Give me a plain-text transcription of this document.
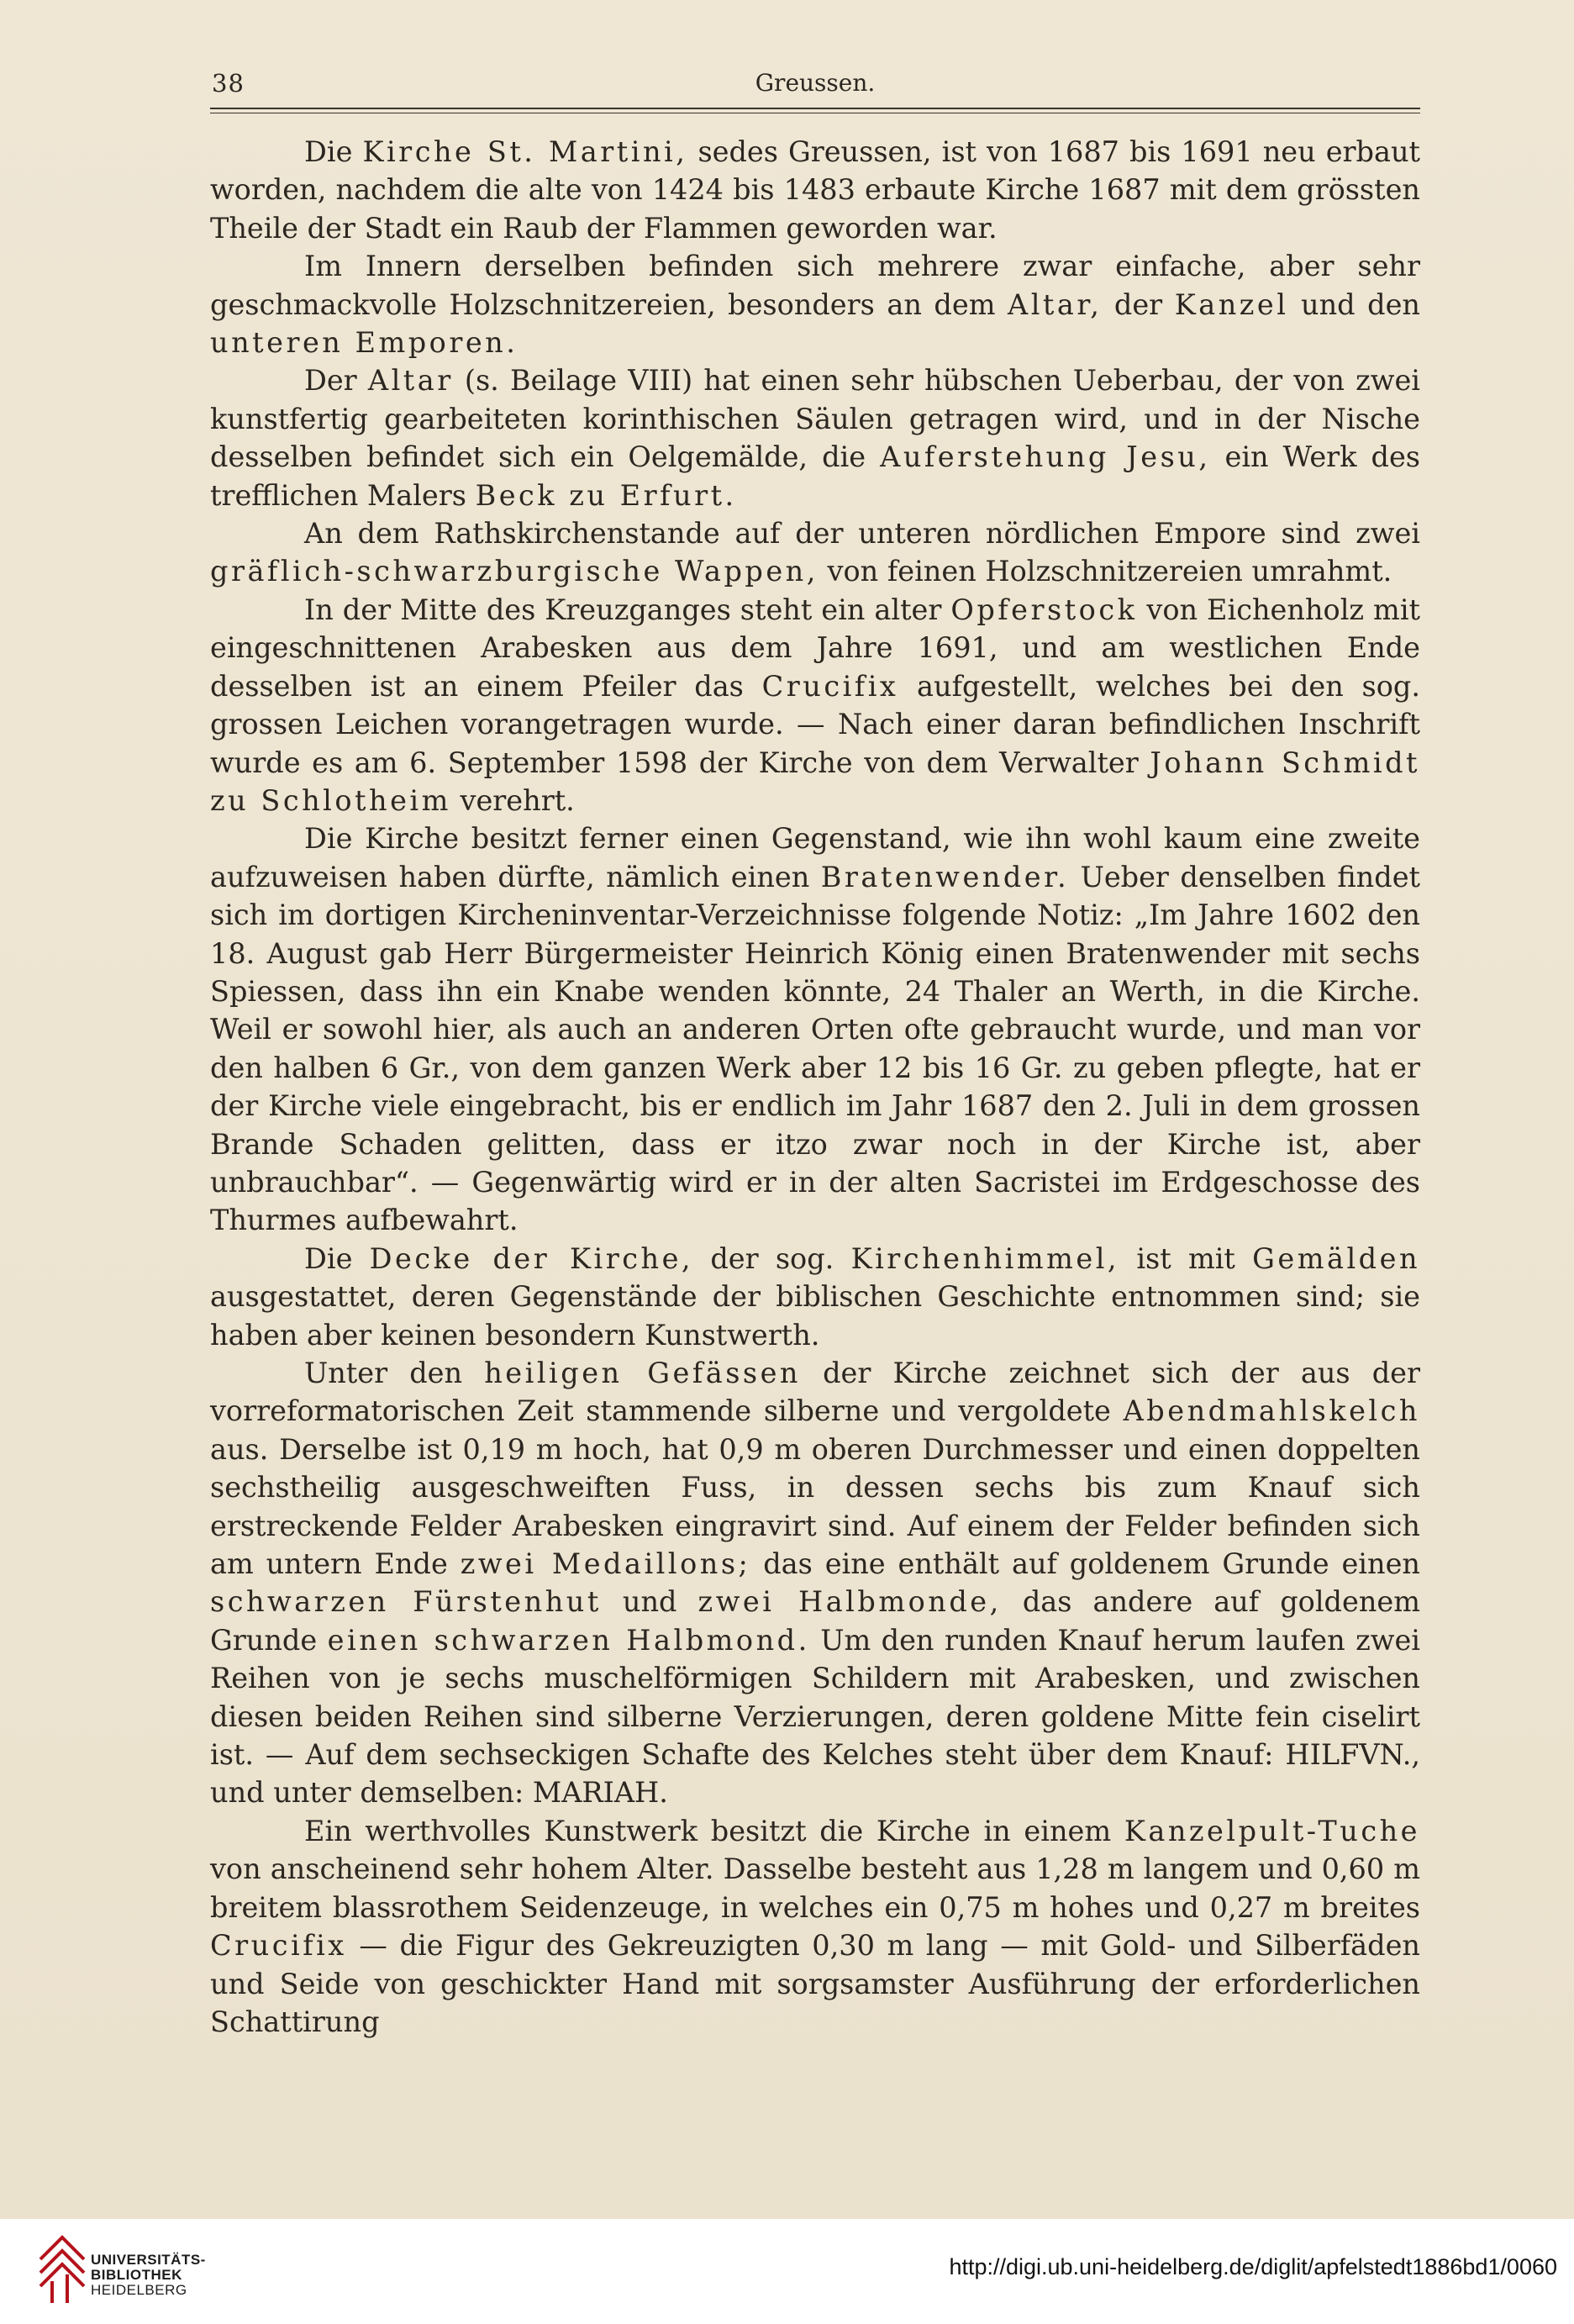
38	Greussen.

Die Kirche St. Martini, sedes Greussen, ist von 1687 bis 1691 neu erbaut worden, nachdem die alte von 1424 bis 1483 erbaute Kirche 1687 mit dem grössten Theile der Stadt ein Raub der Flammen geworden war.

Im Innern derselben befinden sich mehrere zwar einfache, aber sehr geschmackvolle Holzschnitzereien, besonders an dem Altar, der Kanzel und den unteren Emporen.

Der Altar (s. Beilage VIII) hat einen sehr hübschen Ueberbau, der von zwei kunstfertig gearbeiteten korinthischen Säulen getragen wird, und in der Nische desselben befindet sich ein Oelgemälde, die Auferstehung Jesu, ein Werk des trefflichen Malers Beck zu Erfurt.

An dem Rathskirchenstande auf der unteren nördlichen Empore sind zwei gräflich-schwarzburgische Wappen, von feinen Holzschnitzereien umrahmt.

In der Mitte des Kreuzganges steht ein alter Opferstock von Eichenholz mit eingeschnittenen Arabesken aus dem Jahre 1691, und am westlichen Ende desselben ist an einem Pfeiler das Crucifix aufgestellt, welches bei den sog. grossen Leichen vorangetragen wurde. — Nach einer daran befindlichen Inschrift wurde es am 6. September 1598 der Kirche von dem Verwalter Johann Schmidt zu Schlotheim verehrt.

Die Kirche besitzt ferner einen Gegenstand, wie ihn wohl kaum eine zweite aufzuweisen haben dürfte, nämlich einen Bratenwender. Ueber denselben findet sich im dortigen Kircheninventar-Verzeichnisse folgende Notiz: „Im Jahre 1602 den 18. August gab Herr Bürgermeister Heinrich König einen Bratenwender mit sechs Spiessen, dass ihn ein Knabe wenden könnte, 24 Thaler an Werth, in die Kirche. Weil er sowohl hier, als auch an anderen Orten ofte gebraucht wurde, und man vor den halben 6 Gr., von dem ganzen Werk aber 12 bis 16 Gr. zu geben pflegte, hat er der Kirche viele eingebracht, bis er endlich im Jahr 1687 den 2. Juli in dem grossen Brande Schaden gelitten, dass er itzo zwar noch in der Kirche ist, aber unbrauchbar“. — Gegenwärtig wird er in der alten Sacristei im Erdgeschosse des Thurmes aufbewahrt.

Die Decke der Kirche, der sog. Kirchenhimmel, ist mit Gemälden ausgestattet, deren Gegenstände der biblischen Geschichte entnommen sind; sie haben aber keinen besondern Kunstwerth.

Unter den heiligen Gefässen der Kirche zeichnet sich der aus der vorreformatorischen Zeit stammende silberne und vergoldete Abendmahlskelch aus. Derselbe ist 0,19 m hoch, hat 0,9 m oberen Durchmesser und einen doppelten sechstheilig ausgeschweiften Fuss, in dessen sechs bis zum Knauf sich erstreckende Felder Arabesken eingravirt sind. Auf einem der Felder befinden sich am untern Ende zwei Medaillons; das eine enthält auf goldenem Grunde einen schwarzen Fürstenhut und zwei Halbmonde, das andere auf goldenem Grunde einen schwarzen Halbmond. Um den runden Knauf herum laufen zwei Reihen von je sechs muschelförmigen Schildern mit Arabesken, und zwischen diesen beiden Reihen sind silberne Verzierungen, deren goldene Mitte fein ciselirt ist. — Auf dem sechseckigen Schafte des Kelches steht über dem Knauf: HILFVN., und unter demselben: MARIAH.

Ein werthvolles Kunstwerk besitzt die Kirche in einem Kanzelpult-Tuche von anscheinend sehr hohem Alter. Dasselbe besteht aus 1,28 m langem und 0,60 m breitem blassrothem Seidenzeuge, in welches ein 0,75 m hohes und 0,27 m breites Crucifix — die Figur des Gekreuzigten 0,30 m lang — mit Gold- und Silberfäden und Seide von geschickter Hand mit sorgsamster Ausführung der erforderlichen Schattirung

UNIVERSITÄTS-
BIBLIOTHEK
HEIDELBERG
http://digi.ub.uni-heidelberg.de/diglit/apfelstedt1886bd1/0060
